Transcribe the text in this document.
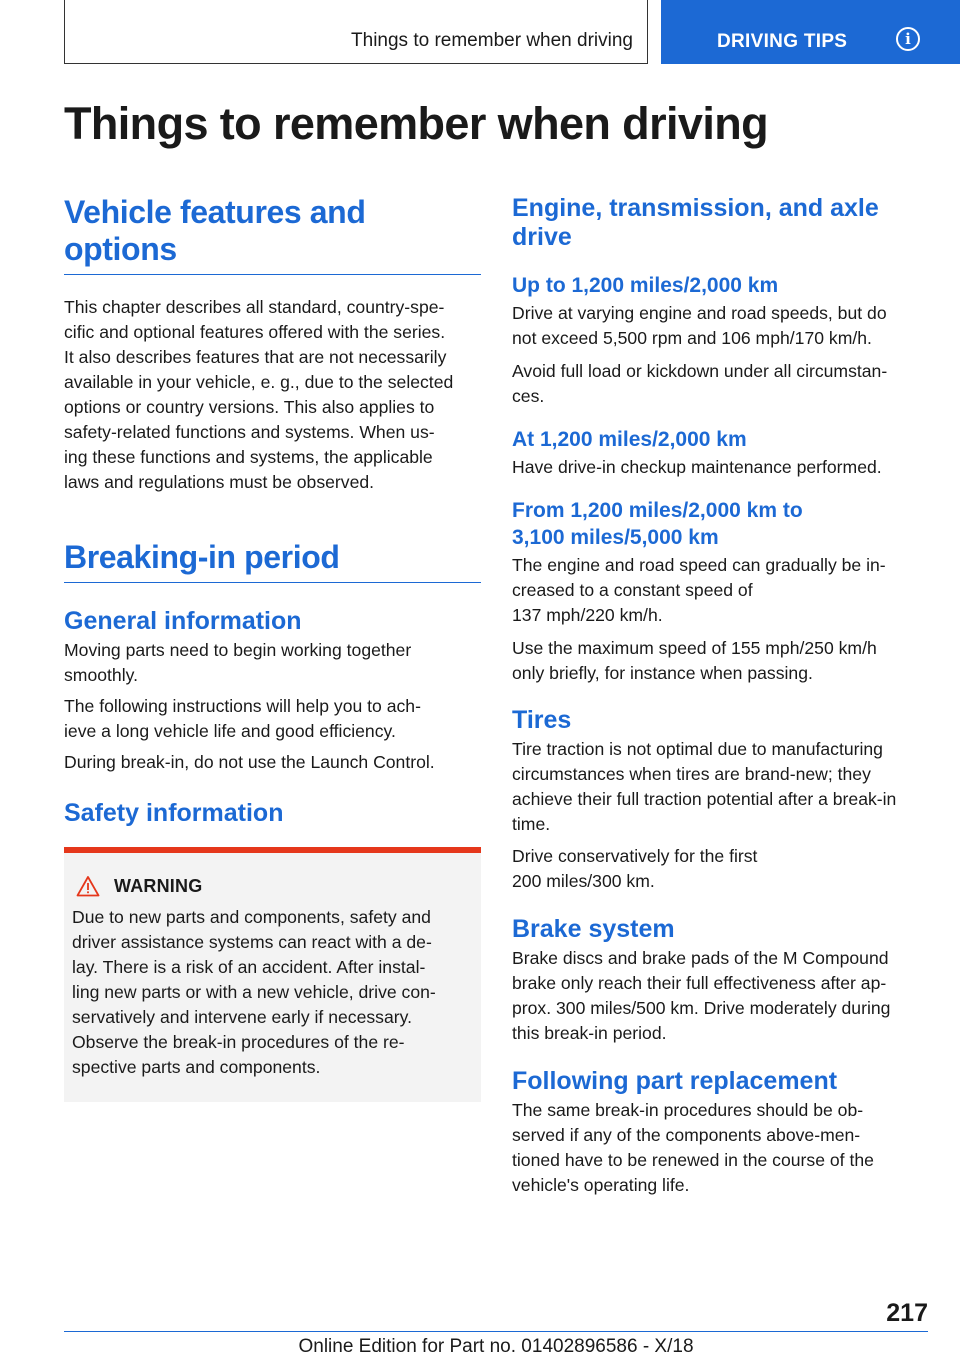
Things to remember when driving	DRIVING TIPS	i
Things to remember when driving
Vehicle features and options

This chapter describes all standard, country-spe-

cific and optional features offered with the series.

It also describes features that are not necessarily

available in your vehicle, e. g., due to the selected

options or country versions. This also applies to

safety-related functions and systems. When us-

ing these functions and systems, the applicable

laws and regulations must be observed.

Breaking-in period
General information

Moving parts need to begin working together

smoothly.

The following instructions will help you to ach-

ieve a long vehicle life and good efficiency.

During break-in, do not use the Launch Control.

Safety information
WARNING

Due to new parts and components, safety and

driver assistance systems can react with a de-

lay. There is a risk of an accident. After instal-

ling new parts or with a new vehicle, drive con-

servatively and intervene early if necessary.

Observe the break-in procedures of the re-

spective parts and components.

Engine, transmission, and axle
drive
Up to 1,200 miles/2,000 km

Drive at varying engine and road speeds, but do

not exceed 5,500 rpm and 106 mph/170 km/h.

Avoid full load or kickdown under all circumstan-

ces.

At 1,200 miles/2,000 km

Have drive-in checkup maintenance performed.

From 1,200 miles/2,000 km to
3,100 miles/5,000 km

The engine and road speed can gradually be in-

creased to a constant speed of

137 mph/220 km/h.

Use the maximum speed of 155 mph/250 km/h

only briefly, for instance when passing.

Tires

Tire traction is not optimal due to manufacturing

circumstances when tires are brand-new; they

achieve their full traction potential after a break-in

time.

Drive conservatively for the first

200 miles/300 km.

Brake system

Brake discs and brake pads of the M Compound

brake only reach their full effectiveness after ap-

prox. 300 miles/500 km. Drive moderately during

this break-in period.

Following part replacement

The same break-in procedures should be ob-

served if any of the components above-men-

tioned have to be renewed in the course of the

vehicle's operating life.

217
Online Edition for Part no. 01402896586 - X/18
